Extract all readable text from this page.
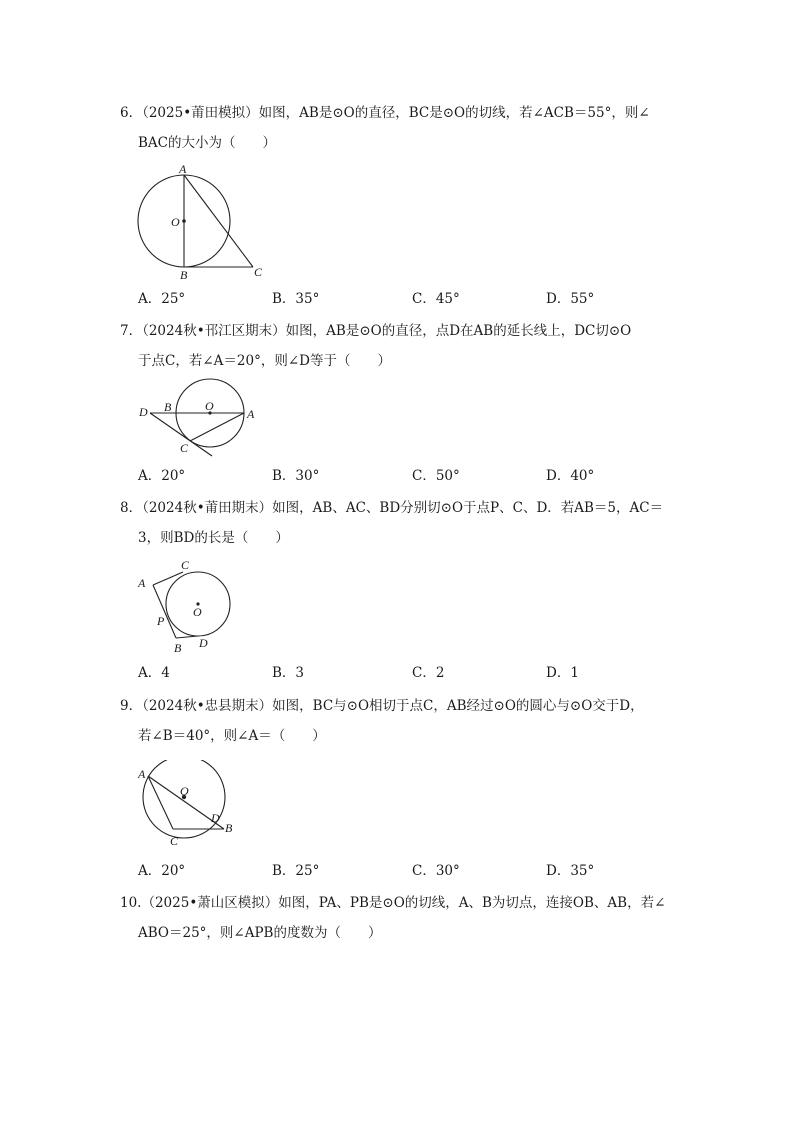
6．（2025•莆田模拟）如图，AB是⊙O的直径，BC是⊙O的切线，若∠ACB＝55°，则∠
BAC的大小为（　　）
A
O
B	C
A．25°	B．35°	C．45°	D．55°
7．（2024秋•邗江区期末）如图，AB是⊙O的直径，点D在AB的延长线上，DC切⊙O
于点C，若∠A＝20°，则∠D等于（　　）
D B	O
A
C
A．20°	B．30°	C．50°	D．40°
8．（2024秋•莆田期末）如图，AB、AC、BD分别切⊙O于点P、C、D．若AB＝5，AC＝
3，则BD的长是（　　）
C
A
O
P
B D
A．4	B．3	C．2	D．1
9．（2024秋•忠县期末）如图，BC与⊙O相切于点C，AB经过⊙O的圆心与⊙O交于D，
若∠B＝40°，则∠A＝（　　）
A
O
D
B
C
A．20°	B．25°	C．30°	D．35°
10.（2025•萧山区模拟）如图，PA、PB是⊙O的切线，A、B为切点，连接OB、AB，若∠
ABO＝25°，则∠APB的度数为（　　）
